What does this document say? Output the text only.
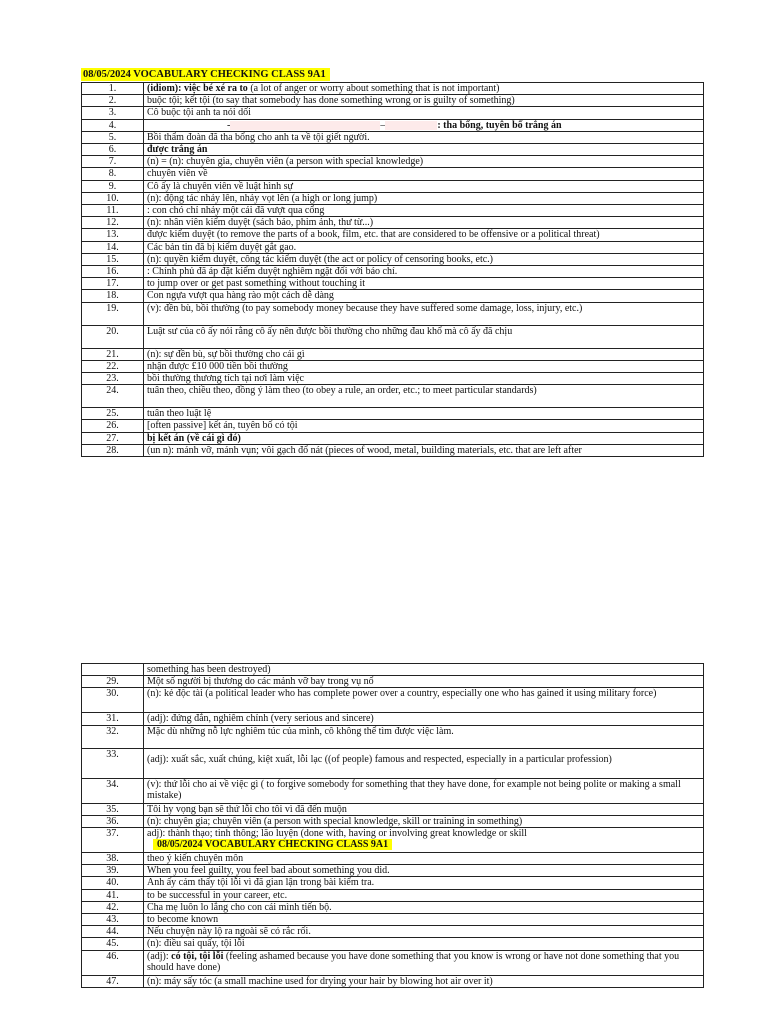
08/05/2024 VOCABULARY CHECKING CLASS 9A1
1.	(idiom): việc bé xé ra to (a lot of anger or worry about something that is not important)
2.	buộc tội; kết tội (to say that somebody has done something wrong or is guilty of something)
3.	Cô buộc tội anh ta nói dối
4.	- – : tha bổng, tuyên bố trắng án
5.	Bồi thẩm đoàn đã tha bổng cho anh ta về tội giết người.
6.	được trắng án
7.	(n) = (n): chuyên gia, chuyên viên (a person with special knowledge)
8.	chuyên viên về
9.	Cô ấy là chuyên viên về luật hình sự
10.	(n): động tác nhảy lên, nhảy vọt lên (a high or long jump)
11.	: con chó chỉ nhảy một cái đã vượt qua cổng
12.	(n): nhân viên kiểm duyệt (sách báo, phim ảnh, thư từ...)
13.	được kiểm duyệt (to remove the parts of a book, film, etc. that are considered to be offensive or a political threat)
14.	Các bản tin đã bị kiểm duyệt gắt gao.
15.	(n): quyền kiểm duyệt, công tác kiểm duyệt (the act or policy of censoring books, etc.)
16.	: Chính phủ đã áp đặt kiểm duyệt nghiêm ngặt đối với báo chí.
17.	to jump over or get past something without touching it
18.	Con ngựa vượt qua hàng rào một cách dễ dàng
19.	(v): đền bù, bồi thường (to pay somebody money because they have suffered some damage, loss, injury, etc.)
20.	Luật sư của cô ấy nói rằng cô ấy nên được bồi thường cho những đau khổ mà cô ấy đã chịu
21.	(n): sự đền bù, sự bồi thường cho cái gì
22.	nhận được £10 000 tiền bồi thường
23.	bồi thường thương tích tại nơi làm việc
24.	tuân theo, chiều theo, đồng ý làm theo (to obey a rule, an order, etc.; to meet particular standards)
25.	tuân theo luật lệ
26.	[often passive] kết án, tuyên bố có tội
27.	bị kết án (về cái gì đó)
28.	(un n): mảnh vỡ, mảnh vụn; vôi gạch đổ nát (pieces of wood, metal, building materials, etc. that are left after
	something has been destroyed)
29.	Một số người bị thương do các mảnh vỡ bay trong vụ nổ
30.	(n): kẻ độc tài (a political leader who has complete power over a country, especially one who has gained it using military force)
31.	(adj): đứng đắn, nghiêm chỉnh (very serious and sincere)
32.	Mặc dù những nỗ lực nghiêm túc của mình, cô không thể tìm được việc làm.
33.	(adj): xuất sắc, xuất chúng, kiệt xuất, lỗi lạc ((of people) famous and respected, especially in a particular profession)
34.	(v): thứ lỗi cho ai về việc gì ( to forgive somebody for something that they have done, for example not being polite or making a small mistake)
35.	Tôi hy vọng bạn sẽ thứ lỗi cho tôi vì đã đến muộn
36.	(n): chuyên gia; chuyên viên (a person with special knowledge, skill or training in something)
37.	adj): thành thạo; tinh thông; lão luyện (done with, having or involving great knowledge or skill
08/05/2024 VOCABULARY CHECKING CLASS 9A1
38.	theo ý kiến chuyên môn
39.	When you feel guilty, you feel bad about something you did.
40.	Anh ấy cảm thấy tội lỗi vì đã gian lận trong bài kiểm tra.
41.	to be successful in your career, etc.
42.	Cha mẹ luôn lo lắng cho con cái mình tiến bộ.
43.	to become known
44.	Nếu chuyện này lộ ra ngoài sẽ có rắc rối.
45.	(n): điều sai quấy, tội lỗi
46.	(adj): có tội, tội lỗi (feeling ashamed because you have done something that you know is wrong or have not done something that you should have done)
47.	(n): máy sấy tóc (a small machine used for drying your hair by blowing hot air over it)
